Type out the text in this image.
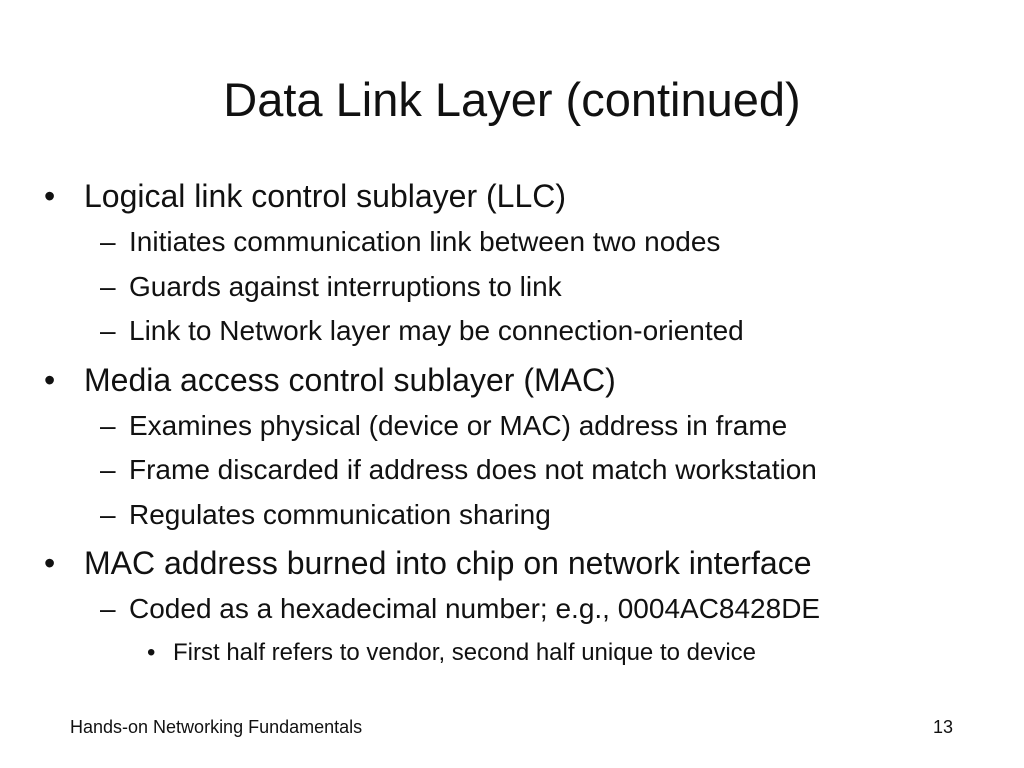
Data Link Layer (continued)
• Logical link control sublayer (LLC)
– Initiates communication link between two nodes
– Guards against interruptions to link
– Link to Network layer may be connection-oriented
• Media access control sublayer (MAC)
– Examines physical (device or MAC) address in frame
– Frame discarded if address does not match workstation
– Regulates communication sharing
• MAC address burned into chip on network interface
– Coded as a hexadecimal number; e.g., 0004AC8428DE
• First half refers to vendor, second half unique to device
Hands-on Networking Fundamentals	13
